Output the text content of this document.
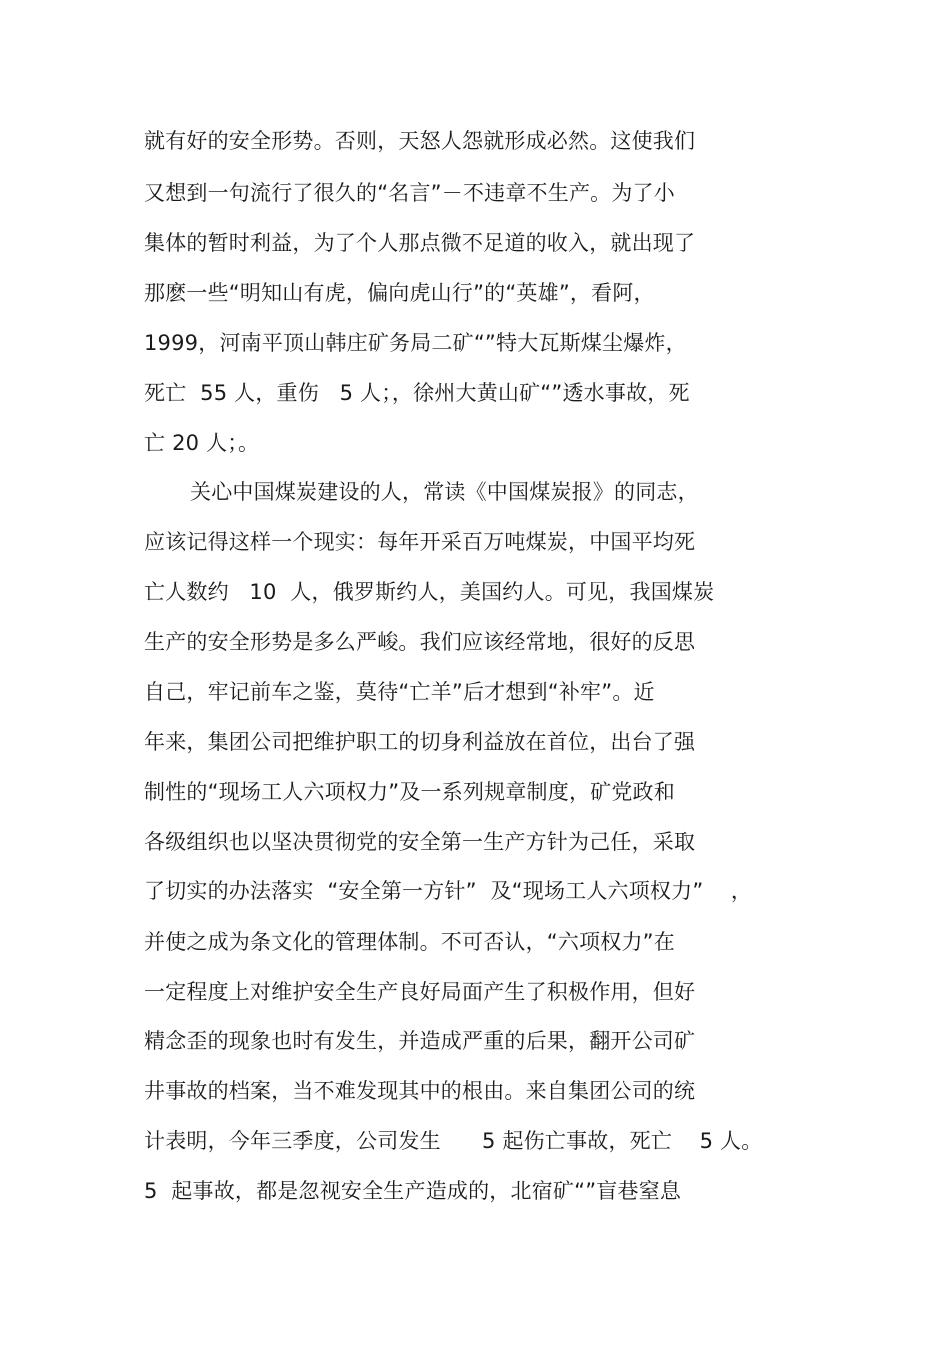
就有好的安全形势。否则，天怒人怨就形成必然。这使我们
又想到一句流行了很久的“名言”－不违章不生产。为了小
集体的暂时利益，为了个人那点微不足道的收入，就出现了
那麽一些“明知山有虎，偏向虎山行”的“英雄”，看阿，
1999，河南平顶山韩庄矿务局二矿“”特大瓦斯煤尘爆炸，
死亡  55 人，重伤   5 人；，徐州大黄山矿“”透水事故，死
亡 20 人；。
关心中国煤炭建设的人，常读《中国煤炭报》的同志，
应该记得这样一个现实：每年开采百万吨煤炭，中国平均死
亡人数约   10  人，俄罗斯约人，美国约人。可见，我国煤炭
生产的安全形势是多么严峻。我们应该经常地，很好的反思
自己，牢记前车之鉴，莫待“亡羊”后才想到“补牢”。近
年来，集团公司把维护职工的切身利益放在首位，出台了强
制性的“现场工人六项权力”及一系列规章制度，矿党政和
各级组织也以坚决贯彻党的安全第一生产方针为己任，采取
了切实的办法落实  “安全第一方针”  及“现场工人六项权力”    ，
并使之成为条文化的管理体制。不可否认，“六项权力”在
一定程度上对维护安全生产良好局面产生了积极作用，但好
精念歪的现象也时有发生，并造成严重的后果，翻开公司矿
井事故的档案，当不难发现其中的根由。来自集团公司的统
计表明，今年三季度，公司发生      5 起伤亡事故，死亡    5 人。
5  起事故，都是忽视安全生产造成的，北宿矿“”盲巷窒息
